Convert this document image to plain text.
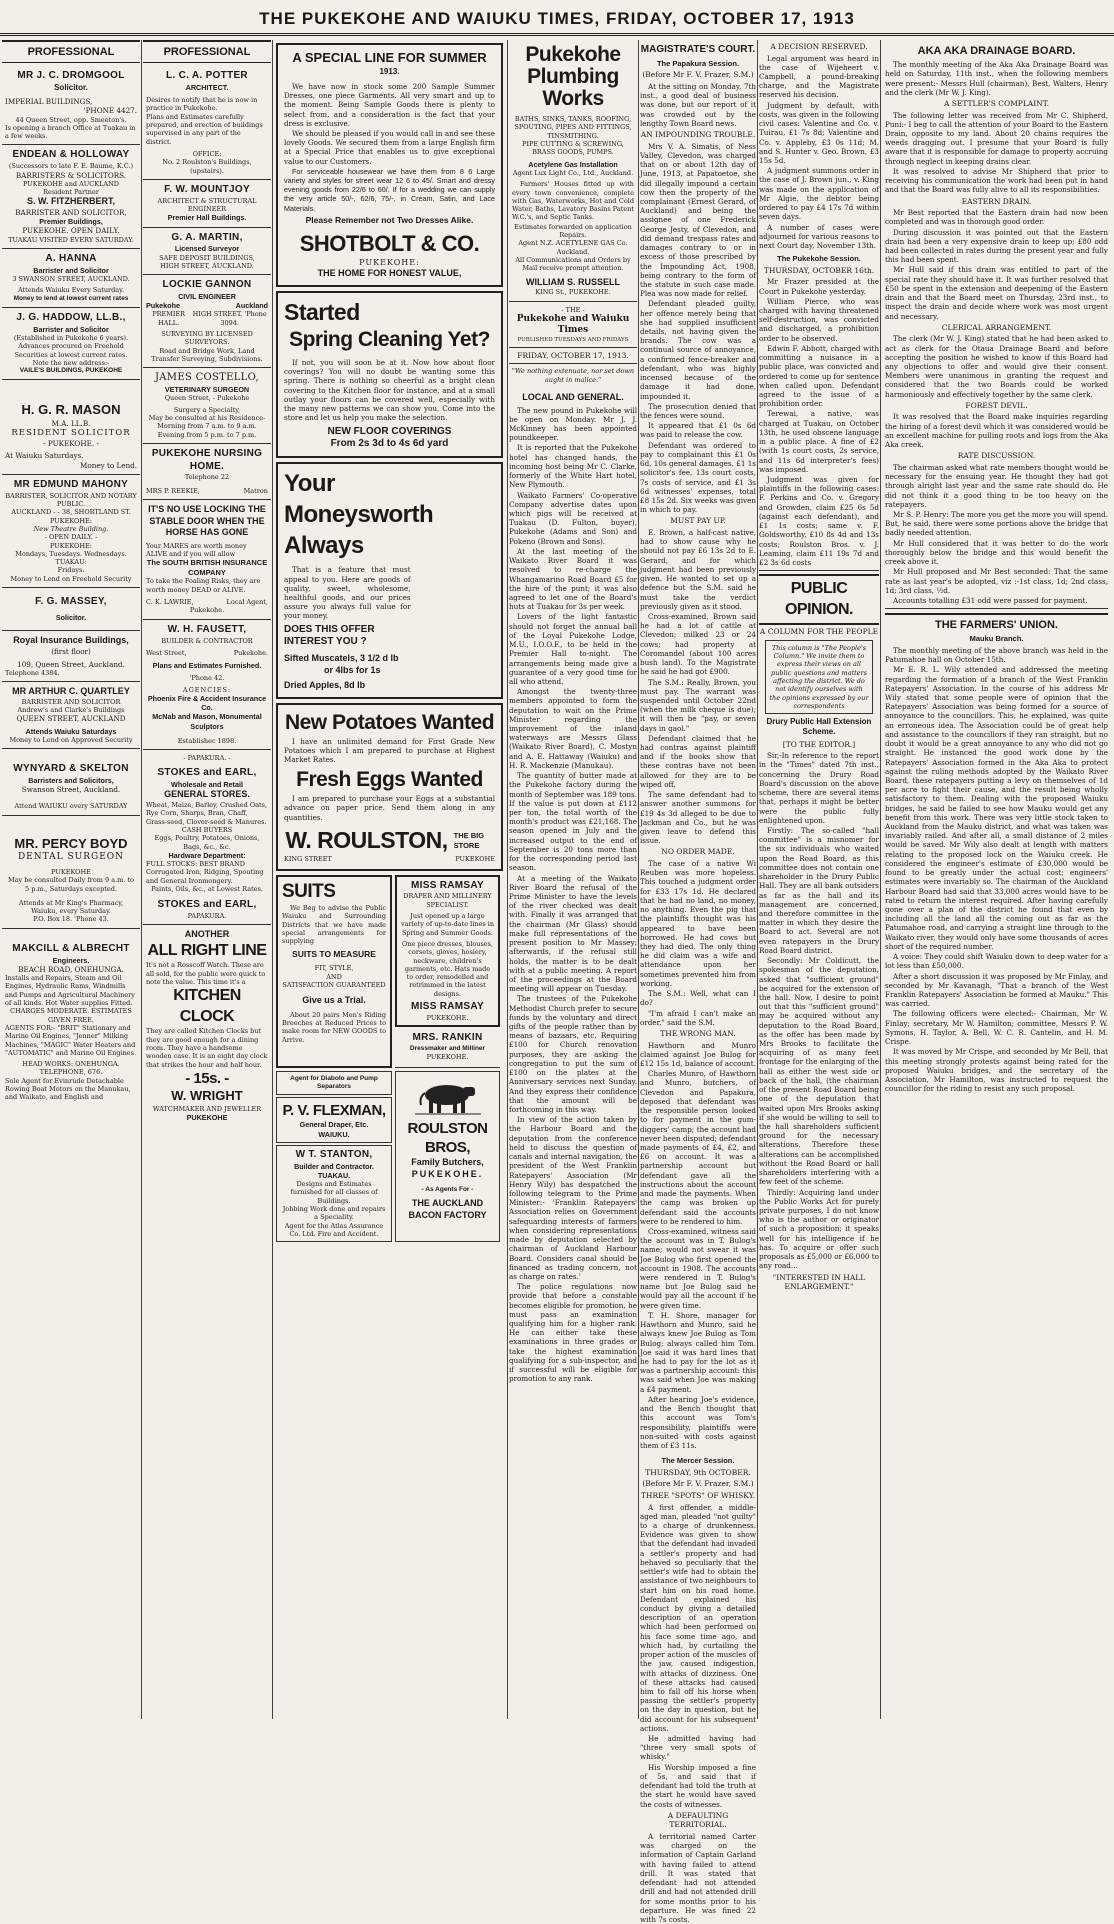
THE PUKEKOHE AND WAIUKU TIMES, FRIDAY, OCTOBER 17, 1913
PROFESSIONAL
MR J. C. DROMGOOL
Solicitor.
IMPERIAL BUILDINGS,
'PHONE 4427.
44 Queen Street, opp. Smeeton's.
Is opening a branch Office at Tuakau in a few weeks.
ENDEAN & HOLLOWAY
(Successors to late F. E. Baume, K.C.)
BARRISTERS & SOLICITORS.
PUKEKOHE and AUCKLAND
Resident Partner
S. W. FITZHERBERT,
BARRISTER AND SOLICITOR,
Premier Buildings,
PUKEKOHE. OPEN DAILY.
TUAKAU VISITED EVERY SATURDAY.
A. HANNA
Barrister and Solicitor
3 SWANSON STREET, AUCKLAND.
Attends Waiuku Every Saturday.
Money to lend at lowest current rates
J. G. HADDOW, LL.B.,
Barrister and Solicitor
(Established in Pukekohe 6 years).
Advances procured on Freehold Securities at lowest current rates.
Note the new address:-
VAILE'S BUILDINGS, PUKEKOHE
H. G. R. MASON
M.A. LL.B.
RESIDENT SOLICITOR
- PUKEKOHE. -
At Waiuku Saturdays.
Money to Lend.
MR EDMUND MAHONY
BARRISTER, SOLICITOR AND NOTARY PUBLIC.
AUCKLAND - - 38, SHORTLAND ST.
PUKEKOHE:
New Theatre Building.
- OPEN DAILY. -
PUKEKOHE:
Mondays, Tuesdays. Wednesdays.
TUAKAU:
Fridays.
Money to Lend on Freehold Security
F. G. MASSEY,
Solicitor.
Royal Insurance Buildings,
(first floor)
109, Queen Street, Auckland.
Telephone 4384.
MR ARTHUR C. QUARTLEY
BARRISTER AND SOLICITOR
Andrew's and Clarke's Buildings
QUEEN STREET, AUCKLAND
Attends Waiuku Saturdays
Money to Lend on Approved Security
WYNYARD & SKELTON
Barristers and Solicitors,
Swanson Street, Auckland.
Attend WAIUKU every SATURDAY
MR. PERCY BOYD
DENTAL SURGEON
PUKEKOHE
May be consulted Daily from 9 a.m. to 5 p.m., Saturdays excepted.
Attends at Mr King's Pharmacy,
Waiuku, every Saturday.
P.O. Box 18. 'Phone 43.
MAKCILL & ALBRECHT
Engineers.
BEACH ROAD, ONEHUNGA.
Installs and Repairs, Steam and Oil Engines, Hydraulic Rams, Windmills and Pumps and Agricultural Machinery of all kinds. Hot Water supplies Fitted.
CHARGES MODERATE. ESTIMATES GIVEN FREE.
AGENTS FOR:- "BRIT" Stationary and Marine Oil Engines, "Jenner" Milking Machines, "MAGIC" Water Heaters and "AUTOMATIC" and Marine Oil Engines.
HEAD WORKS: ONEHUNGA.
TELEPHONE, 676.
Sole Agent for Evinrude Detachable Rowing Boat Motors on the Manukau, and Waikato, and English and
PROFESSIONAL
L. C. A. POTTER
ARCHITECT.
Desires to notify that he is now in practice in Pukekohe.
Plans and Estimates carefully prepared, and erection of buildings supervised in any part of the district.
OFFICE:
No. 2 Roulston's Buildings, (upstairs).
F. W. MOUNTJOY
ARCHITECT & STRUCTURAL ENGINEER
Premier Hall Buildings.
G. A. MARTIN,
Licensed Surveyor
SAFE DEPOSIT BUILDINGS,
HIGH STREET, AUCKLAND.
LOCKIE GANNON
CIVIL ENGINEER
Pukekohe	Auckland
PREMIER HALL.
HIGH STREET. 'Phone 3094.
SURVEYING BY LICENSED SURVEYORS.
Road and Bridge Work, Land Transfer Surveying, Subdivisions.
JAMES COSTELLO,
VETERINARY SURGEON
Queen Street, - Pukekohe
Surgery a Specialty,
May be consulted at his Residence-
Morning from 7 a.m. to 9 a.m.
Evening from 5 p.m. to 7 p.m.
PUKEKOHE NURSING HOME.
Telephone 22
MRS P. REEKIE,	Matron
IT'S NO USE LOCKING THE STABLE DOOR WHEN THE HORSE HAS GONE
Your MARES are worth money ALIVE and if you will allow
The SOUTH BRITISH INSURANCE COMPANY
To take the Foaling Risks, they are worth money DEAD or ALIVE.
C. K. LAWRIE,	Local Agent,
Pukekohe.
W. H. FAUSETT,
BUILDER & CONTRACTOR
West Street,	Pukekohe.
Plans and Estimates Furnished.
'Phone 42.
AGENCIES:
Phoenix Fire & Accident Insurance Co.
McNab and Mason, Monumental Sculptors
Establishec 1898.
- PAPAKURA. -
STOKES and EARL,
Wholesale and Retail
GENERAL STORES.
Wheat, Maize, Barley, Crushed Oats, Rye Corn, Sharps, Bran, Chaff, Grass-seed, Clover-seed & Manures.
CASH BUYERS
Eggs, Poultry, Potatoes, Onions, Bags, &c., &c.
Hardware Department:
FULL STOCKS: BEST BRAND Corrugated Iron, Ridging, Spouting and General Ironmongery.
Paints, Oils, &c., at Lowest Rates.
STOKES and EARL,
PAPAKURA.
ANOTHER
ALL RIGHT LINE
It's not a Rosscoff Watch. These are all sold, for the public were quick to note the value. This time it's a
KITCHEN CLOCK
They are called Kitchen Clocks but they are good enough for a dining room. They have a handsome wooden case. It is an eight day clock that strikes the hour and half hour.
- 15s. -
W. WRIGHT
WATCHMAKER AND JEWELLER
PUKEKOHE
A SPECIAL LINE FOR SUMMER
1913.

We have now in stock some 200 Sample Summer Dresses, one piece Garments. All very smart and up to the moment. Being Sample Goods there is plenty to select from, and a consideration is the fact that your dress is exclusive.

We should be pleased if you would call in and see these lovely Goods. We secured them from a large English firm at a Special Price that enables us to give exceptional value to our Customers.

For serviceable housewear we have them from 8 6 Large variety and styles for street wear 12 6 to 45/. Smart and dressy evening goods from 22/6 to 60/. If for a wedding we can supply the very article 50/-, 62/6, 75/-, in Cream, Satin, and Lace Materials.

Please Remember not Two Dresses Alike.
SHOTBOLT & CO.
PUKEKOHE:
THE HOME FOR HONEST VALUE,
Started
Spring Cleaning Yet?

If not, you will soon be at it. Now how about floor coverings? You will no doubt be wanting some this spring. There is nothing so cheerful as a bright clean covering to the Kitchen floor for instance, and at a small outlay your floors can be covered well, especially with the many new patterns we can show you. Come into the store and let us help you make the selection.

NEW FLOOR COVERINGS
From 2s 3d to 4s 6d yard
Your
Moneysworth
Always

That is a feature that must appeal to you. Here are goods of quality, sweet, wholesome, healthful goods, and our prices assure you always full value for your money.

DOES THIS OFFER
INTEREST YOU ?
Sifted Muscatels, 3 1/2 d lb
or 4lbs for 1s
Dried Apples, 8d lb
New Potatoes Wanted

I have an unlimited demand for First Grade New Potatoes which I am prepared to purchase at Highest Market Rates.

Fresh Eggs Wanted

I am prepared to purchase your Eggs at a substantial advance on paper price. Send them along in any quantities.

W. ROULSTON, THE BIG STORE
KING STREET	PUKEKOHE
SUITS

We Beg to advise the Public Waiuku and Surrounding Districts that we have made special arrangements for supplying

SUITS TO MEASURE
FIT, STYLE,
AND
SATISFACTION GUARANTEED
Give us a Trial.

About 20 pairs Men's Riding Breeches at Reduced Prices to make room for NEW GOODS to Arrive.

MISS RAMSAY
DRAPER AND MILLINERY SPECIALIST.

Just opened up a large variety of up-to-date lines in Spring and Summer Goods.

One piece dresses, blouses, corsets, gloves, hosiery, neckware, children's garments, etc. Hats made to order, remodelled and retrimmed in the latest designs.

MISS RAMSAY
PUKEKOHE.
MRS. RANKIN
Dressmaker and Milliner
PUKEKOHE.
Agent for Diabolo and Pump Separators
P. V. FLEXMAN,
General Draper, Etc.
WAIUKU.
W T. STANTON,
Builder and Contractor.
TUAKAU.
Designs and Estimates furnished for all classes of Buildings.
Jobbing Work done and repairs a Speciality.
Agent for the Atlas Assurance Co. Ltd. Fire and Accident.
ROULSTON BROS,
Family Butchers,
PUKEKOHE.
- As Agents For -
THE AUCKLAND
BACON FACTORY
Pukekohe
Plumbing
Works
BATHS, SINKS, TANKS, ROOFING, SPOUTING, PIPES AND FITTINGS, TINSMITHING.
PIPE CUTTING & SCREWING, BRASS GOODS, PUMPS.
Acetylene Gas Installation
Agent Lux Light Co., Ltd., Auckland.

Farmers' Houses fitted up with every town convenience, complete with Gas, Waterworks, Hot and Cold Water, Baths, Lavatory Basins Patent W.C.'s, and Septic Tanks.

Estimates forwarded on application
Repairs.
Agent N.Z. ACETYLENE GAS Co. Auckland.
All Communications and Orders by Mail receive prompt attention.
WILLIAM S. RUSSELL
KING St., PUKEKOHE.
- THE -
Pukekohe and Waiuku Times
PUBLISHED TUESDAYS AND FRIDAYS
FRIDAY, OCTOBER 17, 1913.
"We nothing extenuate, nor set down aught in malice."
LOCAL AND GENERAL.

The new pound in Pukekohe will be open on Monday. Mr J. J. McKinney has been appointed poundkeeper.

It is reported that the Pukekohe hotel has changed hands, the incoming host being Mr C. Clarke, formerly of the White Hart hotel, New Plymouth.

Waikato Farmers' Co-operative Company advertise dates upon which pigs will be received at Tuakau (D. Fulton, buyer), Pukekohe (Adams and Son) and Pokeno (Brown and Sons).

At the last meeting of the Waikato River Board it was resolved to re-charge the Whangamarino Road Board £5 for the hire of the punt; it was also agreed to let one of the Board's huts at Tuakau for 3s per week.

Lovers of the light fantastic should not forget the annual ball of the Loyal Pukekohe Lodge, M.U., I.O.O.F., to be held in the Premier Hall to-night. The arrangements being made give a guarantee of a very good time for all who attend.

Amongst the twenty-three members appointed to form the deputation to wait on the Prime Minister regarding the improvement of the inland waterways are Messrs Glass (Waikato River Board), C. Mostyn and A. E. Hattaway (Waiuku) and H. R. Mackenzie (Manukau).

The quantity of butter made at the Pukekohe factory during the month of September was 189 tons. If the value is put down at £112 per ton, the total worth of the month's product was £21,168. The season opened in July and the increased output to the end of September is 20 tons more than for the corresponding period last season.

At a meeting of the Waikato River Board the refusal of the Prime Minister to have the levels of the river checked was dealt with. Finally it was arranged that the chairman (Mr Glass) should make full representations of the present position to Mr Massey; afterwards, if the refusal still holds, the matter is to be dealt with at a public meeting. A report of the proceedings at the Board meeting will appear on Tuesday.

The trustees of the Pukekohe Methodist Church prefer to secure funds by the voluntary and direct gifts of the people rather than by means of bazaars, etc. Requiring £100 for Church renovation purposes, they are asking the congregation to put the sum of £100 on the plates at the Anniversary services next Sunday. And they express their confidence that the amount will be forthcoming in this way.

In view of the action taken by the Harbour Board and the deputation from the conference held to discuss the question of canals and internal navigation, the president of the West Franklin Ratepayers' Association (Mr Henry Wily) has despatched the following telegram to the Prime Minister:- 'Franklin Ratepayers' Association relies on Government safeguarding interests of farmers when considering representations made by deputation selected by chairman of Auckland Harbour Board. Considers canal should be financed as trading concern, not as charge on rates.'

The police regulations now provide that before a constable becomes eligible for promotion, he must pass an examination qualifying him for a higher rank. He can either take these examinations in three grades or take the highest examination qualifying for a sub-inspector, and if successful will be eligible for promotion to any rank.

MAGISTRATE'S COURT.
The Papakura Session.
(Before Mr F. V. Frazer, S.M.)

At the sitting on Monday, 7th inst., a good deal of business was done, but our report of it was crowded out by the lengthy Town Board news.

AN IMPOUNDING TROUBLE.

Mrs V. A. Simatis, of Ness Valley, Clevedon, was charged that on or about 12th day of June, 1913, at Papatoetoe, she did illegally impound a certain cow then the property of the complainant (Ernest Gerard, of Auckland) and being the assignee of one Frederick George Jesty, of Clevedon, and did demand trespass rates and damages contrary to or in excess of those prescribed by the Impounding Act, 1908, being contrary to the form of the statute in such case made. Plea was now made for relief.

Defendant pleaded guilty, her offence merely being that she had supplied insufficient details, not having given the brands. The cow was a continual source of annoyance, a confirmed fence-breaker and defendant, who was highly incensed because of the damage it had done, impounded it.

The prosecution denied that the fences were sound.

It appeared that £1 0s 6d was paid to release the cow.

Defendant was ordered to pay to complainant this £1 0s 6d, 10s general damages, £1 1s solicitor's fee, 13s court costs, 7s costs of service, and £1 3s 6d witnesses' expenses, total £8 15s 2d. Six weeks was given in which to pay.

MUST PAY UP.

E. Brown, a half-cast native, had to show cause why he should not pay £6 13s 2d to E. Gerard, and for which judgment had been previously given. He wanted to set up a defence but the S.M. said he must take the verdict previously given as it stood.

Cross-examined, Brown said he had a lot of cattle at Clevedon; milked 23 or 24 cows; had property at Coromandel (about 100 acres bush land). To the Magistrate he said he had got £900.

The S.M.: Really, Brown, you must pay. The warrant was suspended until October 22nd (when the milk cheque is due); it will then be "pay, or seven days in gaol."

Defendant claimed that he had contras against plaintiff and if the books show that these contras have not been allowed for they are to be wiped off.

The same defendant had to answer another summons for £19 4s 3d alleged to be due to Jackman and Co., but he was given leave to defend this issue.

NO ORDER MADE.

The case of a native Wi Reuben was more hopeless. This touched a judgment order for £33 17s 1d. He declared that he had no land, no money, no anything. Even the pig that the plaintiffs thought was his appeared to have been borrowed. He had cows but they had died. The only thing he did claim was a wife and attendance upon her sometimes prevented him from working.

The S.M.: Well, what can I do?

"I'm afraid I can't make an order," said the S.M.

THE WRONG MAN.

Hawthorn and Munro claimed against Joe Bulog for £12 15s 1d, balance of account.

Charles Munro, of Hawthorn and Munro, butchers, of Clevedon and Papakura, deposed that defendant was the responsible person looked to for payment in the gum-diggers' camp; the account had never been disputed; defendant made payments of £4, £2, and £6 on account. It was a partnership account but defendant gave all the instructions about the account and made the payments. When the camp was broken up defendant said the accounts were to be rendered to him.

Cross-examined, witness said the account was in T. Bulog's name; would not swear it was Joe Bulog who first opened the account in 1908. The accounts were rendered in T. Bulog's name but Joe Bulog said he would pay all the account if he were given time.

T. H. Shore, manager for Hawthorn and Munro, said he always knew Joe Bulog as Tom Bulog; always called him Tom. Joe said it was hard lines that he had to pay for the lot as it was a partnership account: this was said when Joe was making a £4 payment.

After hearing Joe's evidence, and the Bench thought that this account was Tom's responsibility, plaintiffs were non-suited with costs against them of £3 11s.

The Mercer Session.
THURSDAY, 9th OCTOBER.
(Before Mr F. V. Frazer, S.M.)
THREE "SPOTS" OF WHISKY.

A first offender, a middle-aged man, pleaded "not guilty" to a charge of drunkenness. Evidence was given to show that the defendant had invaded a settler's property and had behaved so peculiarly that the settler's wife had to obtain the assistance of two neighbours to start him on his road home. Defendant explained his conduct by giving a detailed description of an operation which had been performed on his face some time ago, and which had, by curtailing the proper action of the muscles of the jaw, caused indigestion, with attacks of dizziness. One of these attacks had caused him to fall off his horse when passing the settler's property on the day in question, but he did account for his subsequent actions.

He admitted having had "three very small spots of whisky."

His Worship imposed a fine of 5s, and said that if defendant had told the truth at the start he would have saved the costs of witnesses.

A DEFAULTING TERRITORIAL.

A territorial named Carter was charged on the information of Captain Garland with having failed to attend drill. It was stated that defendant had not attended drill and had not attended drill for some months prior to his departure. He was fined 22 with 7s costs.

A DECISION RESERVED.

Legal argument was heard in the case of Wijeheert v. Campbell, a pound-breaking charge, and the Magistrate reserved his decision.

Judgment by default, with costs, was given in the following civil cases: Valentine and Co. v. Tuirau, £1 7s 8d; Valentine and Co. v. Appleby, £3 0s 11d; M. and S. Hunter v. Geo. Brown, £3 15s 5d.

A judgment summons order in the case of J. Brown jun., v. King was made on the application of Mr Algie, the debtor being ordered to pay £4 17s 7d within seven days.

A number of cases were adjourned for various reasons to next Court day, November 13th.

The Pukekohe Session.
THURSDAY, OCTOBER 16th.

Mr Frazer presided at the Court in Pukekohe yesterday.

William Pierce, who was charged with having threatened self-destruction, was convicted and discharged, a prohibition order to be observed.

Edwin F. Abbott, charged with committing a nuisance in a public place, was convicted and ordered to come up for sentence when called upon. Defendant agreed to the issue of a prohibition order.

Terewai, a native, was charged at Tuakau, on October 13th, he used obscene language in a public place. A fine of £2 (with 1s court costs, 2s service, and 11s 6d interpreter's fees) was imposed.

Judgment was given for plaintiffs in the following cases: F. Perkins and Co. v. Gregory and Growden, claim £25 6s 5d (against each defendant), and £1 1s costs; same v. F. Goldsworthy, £10 8s 4d and 13s costs; Roulston Bros. v. J. Leaming, claim £11 19s 7d and £2 3s 6d costs

PUBLIC OPINION.
A COLUMN FOR THE PEOPLE

This column is "The People's Column." We invite them to express their views on all public questions and matters affecting the district. We do not identify ourselves with the opinions expressed by our correspondents

Drury Public Hall Extension Scheme.
[TO THE EDITOR.]

Sir,-In reference to the report in the "Times" dated 7th inst., concerning the Drury Road Board's discussion on the above scheme, there are several items that, perhaps it might be better were the public fully enlightened upon.

Firstly: The so-called "hall committee" is a misnomer for the six individuals who waited upon the Road Board, as this committee does not contain one shareholder in the Drury Public Hall. They are all bank outsiders as far as the hall and its management are concerned, and therefore committee in the matter in which they desire the Board to act. Several are not even ratepayers in the Drury Road Board district.

Secondly: Mr Coldicutt, the spokesman of the deputation, asked that "sufficient ground" be acquired for the extension of the hall. Now, I desire to point out that this "sufficient ground" may be acquired without any deputation to the Road Board, as the offer has been made by Mrs Brooks to facilitate the acquiring of as many feet frontage for the enlarging of the hall as either the west side or back of the hall, (the chairman of the present Road Board being one of the deputation that waited upon Mrs Brooks asking if she would be willing to sell to the hall shareholders sufficient ground for the necessary alterations. Therefore these alterations can be accomplished without the Road Board or hall shareholders interfering with a few feet of the scheme.

Thirdly: Acquiring land under the Public Works Act for purely private purposes, I do not know who is the author or originator of such a proposition; it speaks well for his intelligence if he has. To acquire or offer such proposals as £5,000 or £6,000 to any road...

"INTERESTED IN HALL ENLARGEMENT."
AKA AKA DRAINAGE BOARD.

The monthly meeting of the Aka Aka Drainage Board was held on Saturday, 11th inst., when the following members were present:- Messrs Hull (chairman), Best, Walters, Henry and the clerk (Mr W. J. King).

A SETTLER'S COMPLAINT.

The following letter was received from Mr C. Shipherd, Puni:- I beg to call the attention of your Board to the Eastern Drain, opposite to my land. About 20 chains requires the weeds dragging out. I presume that your Board is fully aware that it is responsible for damage to property accruing through neglect in keeping drains clear.

It was resolved to advise Mr Shipherd that prior to receiving his communication the work had been put in hand and that the Board was fully alive to all its responsibilities.

EASTERN DRAIN.

Mr Best reported that the Eastern drain had now been completed and was in thorough good order.

During discussion it was pointed out that the Eastern drain had been a very expensive drain to keep up; £80 odd had been collected in rates during the present year and fully this had been spent.

Mr Hull said if this drain was entitled to part of the special rate they should have it. It was further resolved that £50 be spent in the extension and deepening of the Eastern drain and that the Board meet on Thursday, 23rd inst., to inspect the drain and decide where work was most urgent and necessary.

CLERICAL ARRANGEMENT.

The clerk (Mr W. J. King) stated that he had been asked to act as clerk for the Otaua Drainage Board and before accepting the position he wished to know if this Board had any objections to offer and would give their consent. Members were unanimous in granting the request and considered that the two Boards could be worked harmoniously and effectively together by the same clerk.

FOREST DEVIL.

It was resolved that the Board make inquiries regarding the hiring of a forest devil which it was considered would be an excellent machine for pulling roots and logs from the Aka Aka creek.

RATE DISCUSSION.

The chairman asked what rate members thought would be necessary for the ensuing year. He thought they had got through alright last year and the same rate should do. He did not think it a good thing to be too heavy on the ratepayers.

Mr S. P. Henry: The more you get the more you will spend. But, he said, there were some portions above the bridge that badly needed attention.

Mr Hull considered that it was better to do the work thoroughly below the bridge and this would benefit the creek above it.

Mr Hull proposed and Mr Best seconded: That the same rate as last year's be adopted, viz :-1st class, 1d; 2nd class, 1d; 3rd class, ½d.

Accounts totalling £31 odd were passed for payment.

THE FARMERS' UNION.
Mauku Branch.

The monthly meeting of the above branch was held in the Patumahoe hall on October 15th.

Mr E. R. L. Wily attended and addressed the meeting regarding the formation of a branch of the West Franklin Ratepayers' Association. In the course of his address Mr Wily stated that some people were of opinion that the Ratepayers' Association was being formed for a source of annoyance to the councillors. This, he explained, was quite an erroneous idea. The Association could be of great help and assistance to the councillors if they ran straight, but no doubt it would be a great annoyance to any who did not go straight. He instanced the good work done by the Ratepayers' Association formed in the Aka Aka to protect against the ruling methods adopted by the Waikato River Board, these ratepayers putting a levy on themselves of 1d per acre to fight their cause, and the result being wholly satisfactory to them. Dealing with the proposed Waiuku bridges, he said he failed to see how Mauku would get any benefit from this work. There was very little stock taken to Auckland from the Mauku district, and what was taken was invariably railed. And after all, a small distance of 2 miles would be saved. Mr Wily also dealt at length with matters relating to the proposed lock on the Waiuku creek. He considered the engineer's estimate of £30,000 would be found to be greatly under the actual cost; engineers' estimates were invariably so. The chairman of the Auckland Harbour Board had said that 33,000 acres would have to be rated to return the interest required. After having carefully gone over a plan of the district he found that even by including all the land all the coming out as far as the Patumahoe road, and carrying a straight line through to the Waikato river, they would only have some thousands of acres short of the required number.

A voice: They could shift Waiuku down to deep water for a lot less than £50,000.

After a short discussion it was proposed by Mr Finlay, and seconded by Mr Kavanagh, "That a branch of the West Franklin Ratepayers' Association be formed at Mauku." This was carried.

The following officers were elected:- Chairman, Mr W. Finlay; secretary, Mr W. Hamilton; committee, Messrs P. W. Symons, H. Taylor, A. Bell, W. C. R. Cantelin, and H. M. Crispe.

It was moved by Mr Crispe, and seconded by Mr Bell, that this meeting strongly protests against being rated for the proposed Waiuku bridges, and the secretary of the Association, Mr Hamilton, was instructed to request the councillor for the riding to resist any such proposal.
